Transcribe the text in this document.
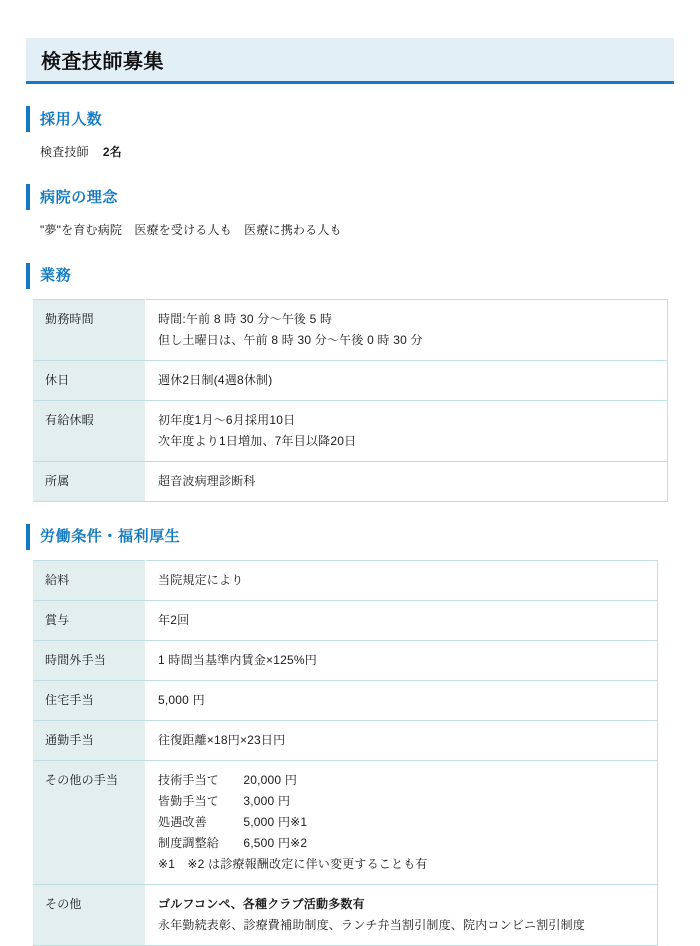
検査技師募集
採用人数

検査技師 2名

病院の理念

"夢"を育む病院　医療を受ける人も　医療に携わる人も

業務
勤務時間	時間:午前 8 時 30 分～午後 5 時
但し土曜日は、午前 8 時 30 分～午後 0 時 30 分

休日	週休2日制(4週8休制)

有給休暇	初年度1月～6月採用10日
次年度より1日増加、7年目以降20日

所属	超音波病理診断科
労働条件・福利厚生
給料	当院規定により

賞与	年2回

時間外手当	1 時間当基準内賃金×125%円

住宅手当	5,000 円

通勤手当	往復距離×18円×23日円

その他の手当	技術手当て　　20,000 円
皆勤手当て　　3,000 円
処遇改善　　　5,000 円※1
制度調整給　　6,500 円※2
※1　※2 は診療報酬改定に伴い変更することも有

その他	ゴルフコンペ、各種クラブ活動多数有
永年勤続表彰、診療費補助制度、ランチ弁当割引制度、院内コンビニ割引制度
